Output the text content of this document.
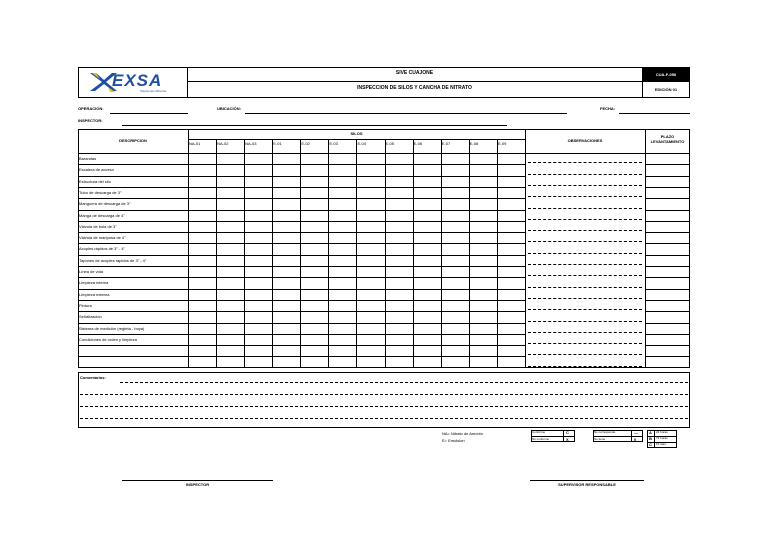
EXSA
Soluciones Mineras
SIVE CUAJONE
INSPECCION DE SILOS Y CANCHA DE NITRATO
CUA-F-056
EDICIÓN 01
OPERACIÓN:	UBICACIÓN:	FECHA:
INSPECTOR:
DESCRIPCION
SILOS
OBSERVACIONES
PLAZO LEVANTAMIENTO
NA-01	NA-02	NA-03	E-01	E-02	E-03	E-04	E-05	E-06	E-07	E-08	E-09
Barandas
Escalera de acceso
Estructura del silo
Tubo de descarga de 3"
Manguera de descarga de 3"
Manga de descarga de 4"
Válvula de bola de 3"
Válvula de mariposa de 4"
Acoples rápidos de 3" - 4"
Tapones de acoples rápidos de 3" - 4"
Línea de vida
Limpieza interna
Limpieza externa
Pintura
Señalización
Sistema de medición (regleta - boya)
Condiciones de orden y limpieza
Comentarios:
NA= Nitrato de Amonio
E= Emulsion
Conforme	C
No conforme	X
No corresponde	—
No tiene	0
A 24 horas
B 72 horas
C 15 días
INSPECTOR	SUPERVISOR RESPONSABLE
